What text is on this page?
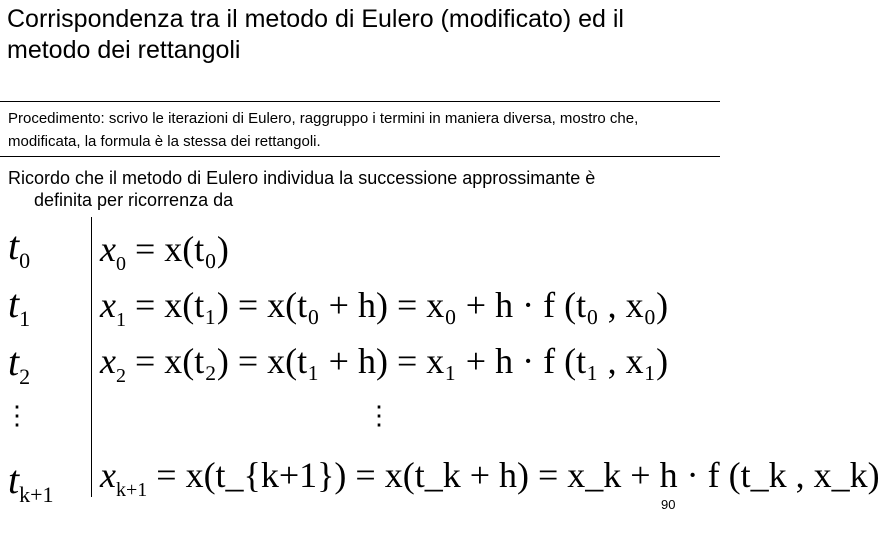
Corrispondenza tra il metodo di Eulero (modificato) ed il metodo dei rettangoli
Procedimento: scrivo le iterazioni di Eulero, raggruppo i termini in maniera diversa, mostro che, modificata, la formula è la stessa dei rettangoli.
Ricordo che il metodo di Eulero individua la successione approssimante è
definita per ricorrenza da
$t_0$ $x_0 = x(t_0)$
$t_1$ $x_1 = x(t_1) = x(t_0 + h) = x_0 + h \cdot f$ (t₀ , x₀)
$t_2$ $x_2 = x(t_2) = x(t_1 + h) = x_1 + h \cdot f$ (t₁ , x₁)
⋮	⋮
$t_{k+1}$ $x_{k+1}$ = x(t_{k+1}) = x(t_k + h) = x_k + h · f (t_k , x_k)
90
